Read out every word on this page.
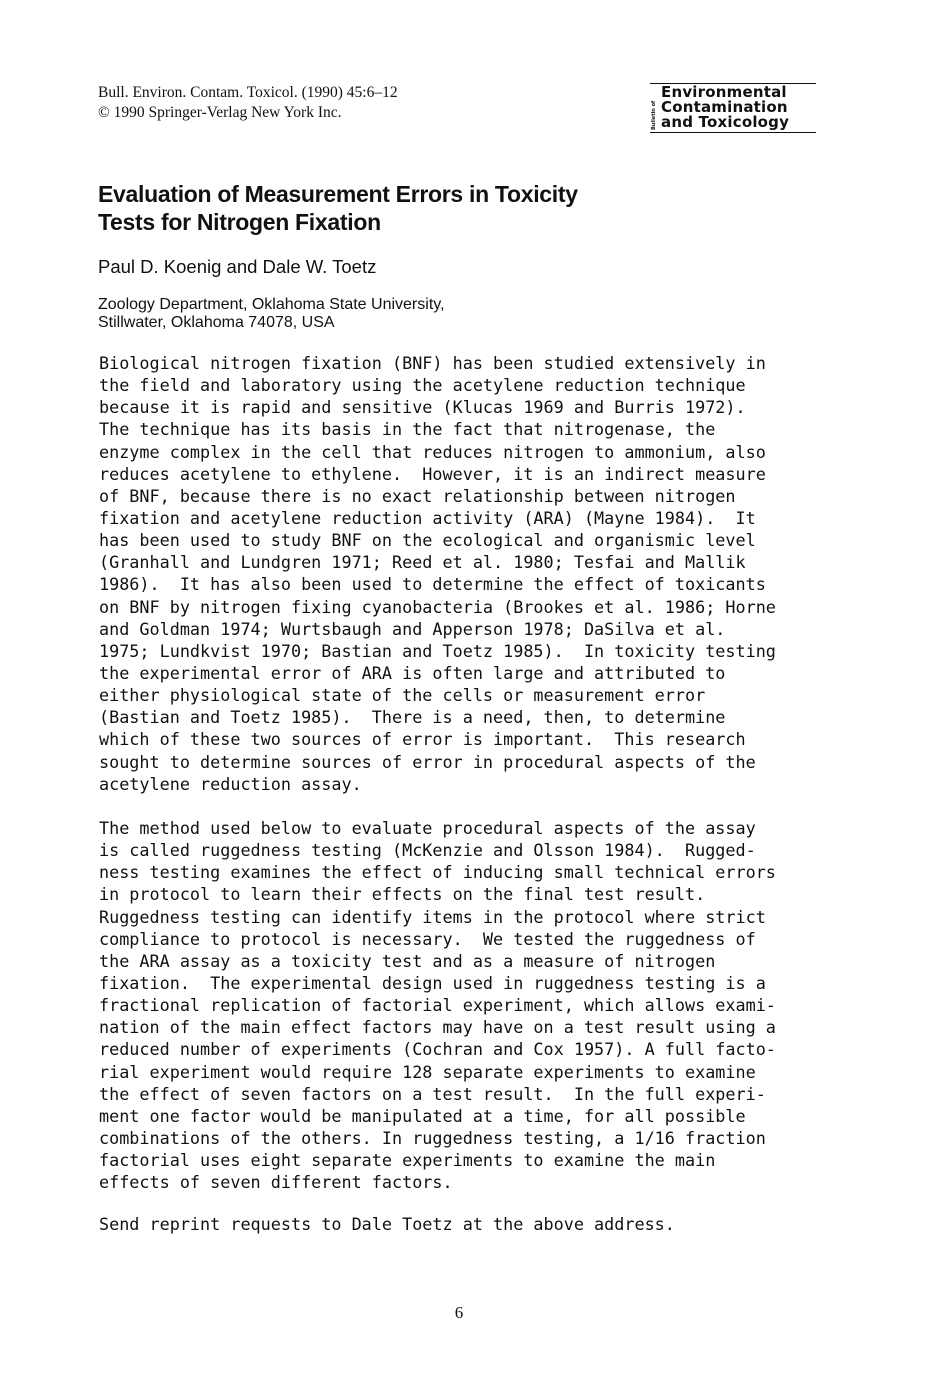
Bull. Environ. Contam. Toxicol. (1990) 45:6–12
© 1990 Springer-Verlag New York Inc.	Bulletin of
Environmental
Contamination
and Toxicology
Evaluation of Measurement Errors in Toxicity
Tests for Nitrogen Fixation
Paul D. Koenig and Dale W. Toetz
Zoology Department, Oklahoma State University,
Stillwater, Oklahoma 74078, USA
Biological nitrogen fixation (BNF) has been studied extensively in
the field and laboratory using the acetylene reduction technique
because it is rapid and sensitive (Klucas 1969 and Burris 1972).
The technique has its basis in the fact that nitrogenase, the
enzyme complex in the cell that reduces nitrogen to ammonium, also
reduces acetylene to ethylene.  However, it is an indirect measure
of BNF, because there is no exact relationship between nitrogen
fixation and acetylene reduction activity (ARA) (Mayne 1984).  It
has been used to study BNF on the ecological and organismic level
(Granhall and Lundgren 1971; Reed et al. 1980; Tesfai and Mallik
1986).  It has also been used to determine the effect of toxicants
on BNF by nitrogen fixing cyanobacteria (Brookes et al. 1986; Horne
and Goldman 1974; Wurtsbaugh and Apperson 1978; DaSilva et al.
1975; Lundkvist 1970; Bastian and Toetz 1985).  In toxicity testing
the experimental error of ARA is often large and attributed to
either physiological state of the cells or measurement error
(Bastian and Toetz 1985).  There is a need, then, to determine
which of these two sources of error is important.  This research
sought to determine sources of error in procedural aspects of the
acetylene reduction assay.
The method used below to evaluate procedural aspects of the assay
is called ruggedness testing (McKenzie and Olsson 1984).  Rugged-
ness testing examines the effect of inducing small technical errors
in protocol to learn their effects on the final test result.
Ruggedness testing can identify items in the protocol where strict
compliance to protocol is necessary.  We tested the ruggedness of
the ARA assay as a toxicity test and as a measure of nitrogen
fixation.  The experimental design used in ruggedness testing is a
fractional replication of factorial experiment, which allows exami-
nation of the main effect factors may have on a test result using a
reduced number of experiments (Cochran and Cox 1957). A full facto-
rial experiment would require 128 separate experiments to examine
the effect of seven factors on a test result.  In the full experi-
ment one factor would be manipulated at a time, for all possible
combinations of the others. In ruggedness testing, a 1/16 fraction
factorial uses eight separate experiments to examine the main
effects of seven different factors.
Send reprint requests to Dale Toetz at the above address.
6
